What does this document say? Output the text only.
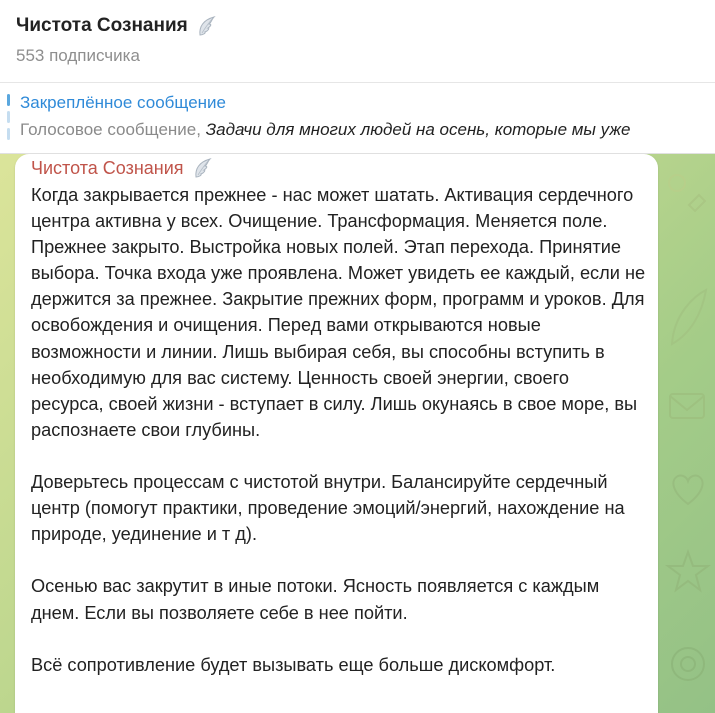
Чистота Сознания
553 подписчика
Закреплённое сообщение
Голосовое сообщение, Задачи для многих людей на осень, которые мы уже
Чистота Сознания
Когда закрывается прежнее - нас может шатать. Активация сердечного центра активна у всех. Очищение. Трансформация. Меняется поле. Прежнее закрыто. Выстройка новых полей. Этап перехода. Принятие выбора. Точка входа уже проявлена. Может увидеть ее каждый, если не держится за прежнее. Закрытие прежних форм, программ и уроков. Для освобождения и очищения. Перед вами открываются новые возможности и линии. Лишь выбирая себя, вы способны вступить в необходимую для вас систему. Ценность своей энергии, своего ресурса, своей жизни - вступает в силу. Лишь окунаясь в свое море, вы распознаете свои глубины.

Доверьтесь процессам с чистотой внутри. Балансируйте сердечный центр (помогут практики, проведение эмоций/энергий, нахождение на природе, уединение и т д).

Осенью вас закрутит в иные потоки. Ясность появляется с каждым днем. Если вы позволяете себе в нее пойти.

Всё сопротивление будет вызывать еще больше дискомфорт.
